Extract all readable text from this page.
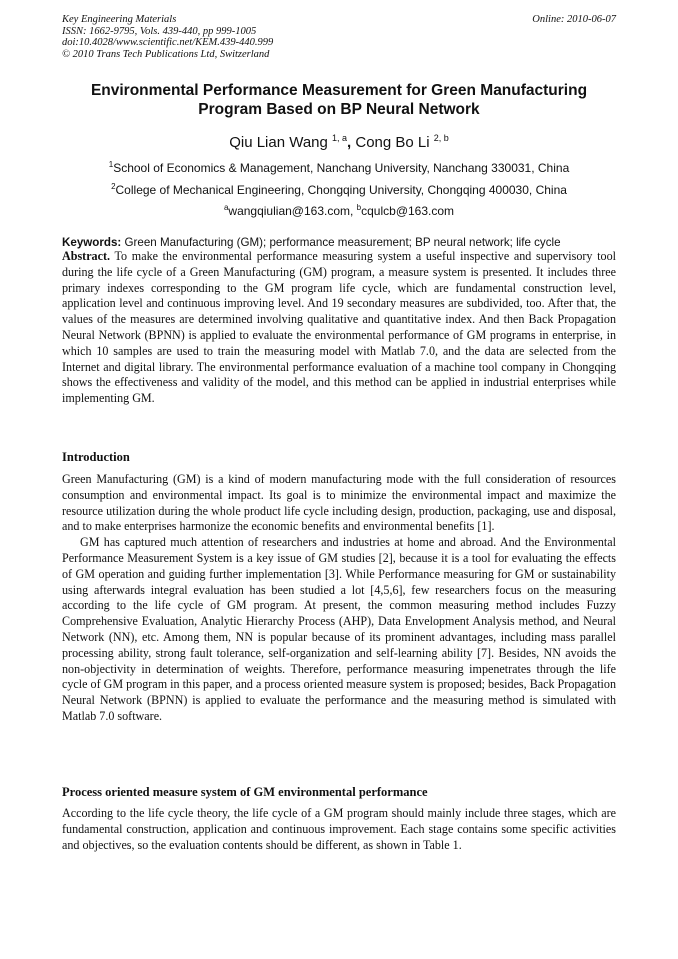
Key Engineering Materials
ISSN: 1662-9795, Vols. 439-440, pp 999-1005
doi:10.4028/www.scientific.net/KEM.439-440.999
© 2010 Trans Tech Publications Ltd, Switzerland
Online: 2010-06-07
Environmental Performance Measurement for Green Manufacturing
Program Based on BP Neural Network
Qiu Lian Wang $^{1, a}$, Cong Bo Li $^{2, b}$
$^1$School of Economics & Management, Nanchang University, Nanchang 330031, China
$^2$College of Mechanical Engineering, Chongqing University, Chongqing 400030, China
$^a$wangqiulian@163.com, $^b$cqulcb@163.com
Keywords: Green Manufacturing (GM); performance measurement; BP neural network; life cycle
Abstract. To make the environmental performance measuring system a useful inspective and supervisory tool during the life cycle of a Green Manufacturing (GM) program, a measure system is presented. It includes three primary indexes corresponding to the GM program life cycle, which are fundamental construction level, application level and continuous improving level. And 19 secondary measures are subdivided, too. After that, the values of the measures are determined involving qualitative and quantitative index. And then Back Propagation Neural Network (BPNN) is applied to evaluate the environmental performance of GM programs in enterprise, in which 10 samples are used to train the measuring model with Matlab 7.0, and the data are selected from the Internet and digital library. The environmental performance evaluation of a machine tool company in Chongqing shows the effectiveness and validity of the model, and this method can be applied in industrial enterprises while implementing GM.
Introduction

Green Manufacturing (GM) is a kind of modern manufacturing mode with the full consideration of resources consumption and environmental impact. Its goal is to minimize the environmental impact and maximize the resource utilization during the whole product life cycle including design, production, packaging, use and disposal, and to make enterprises harmonize the economic benefits and environmental benefits [1].

GM has captured much attention of researchers and industries at home and abroad. And the Environmental Performance Measurement System is a key issue of GM studies [2], because it is a tool for evaluating the effects of GM operation and guiding further implementation [3]. While Performance measuring for GM or sustainability using afterwards integral evaluation has been studied a lot [4,5,6], few researchers focus on the measuring according to the life cycle of GM program. At present, the common measuring method includes Fuzzy Comprehensive Evaluation, Analytic Hierarchy Process (AHP), Data Envelopment Analysis method, and Neural Network (NN), etc. Among them, NN is popular because of its prominent advantages, including mass parallel processing ability, strong fault tolerance, self-organization and self-learning ability [7]. Besides, NN avoids the non-objectivity in determination of weights. Therefore, performance measuring impenetrates through the life cycle of GM program in this paper, and a process oriented measure system is proposed; besides, Back Propagation Neural Network (BPNN) is applied to evaluate the performance and the measuring method is simulated with Matlab 7.0 software.

Process oriented measure system of GM environmental performance

According to the life cycle theory, the life cycle of a GM program should mainly include three stages, which are fundamental construction, application and continuous improvement. Each stage contains some specific activities and objectives, so the evaluation contents should be different, as shown in Table 1.
